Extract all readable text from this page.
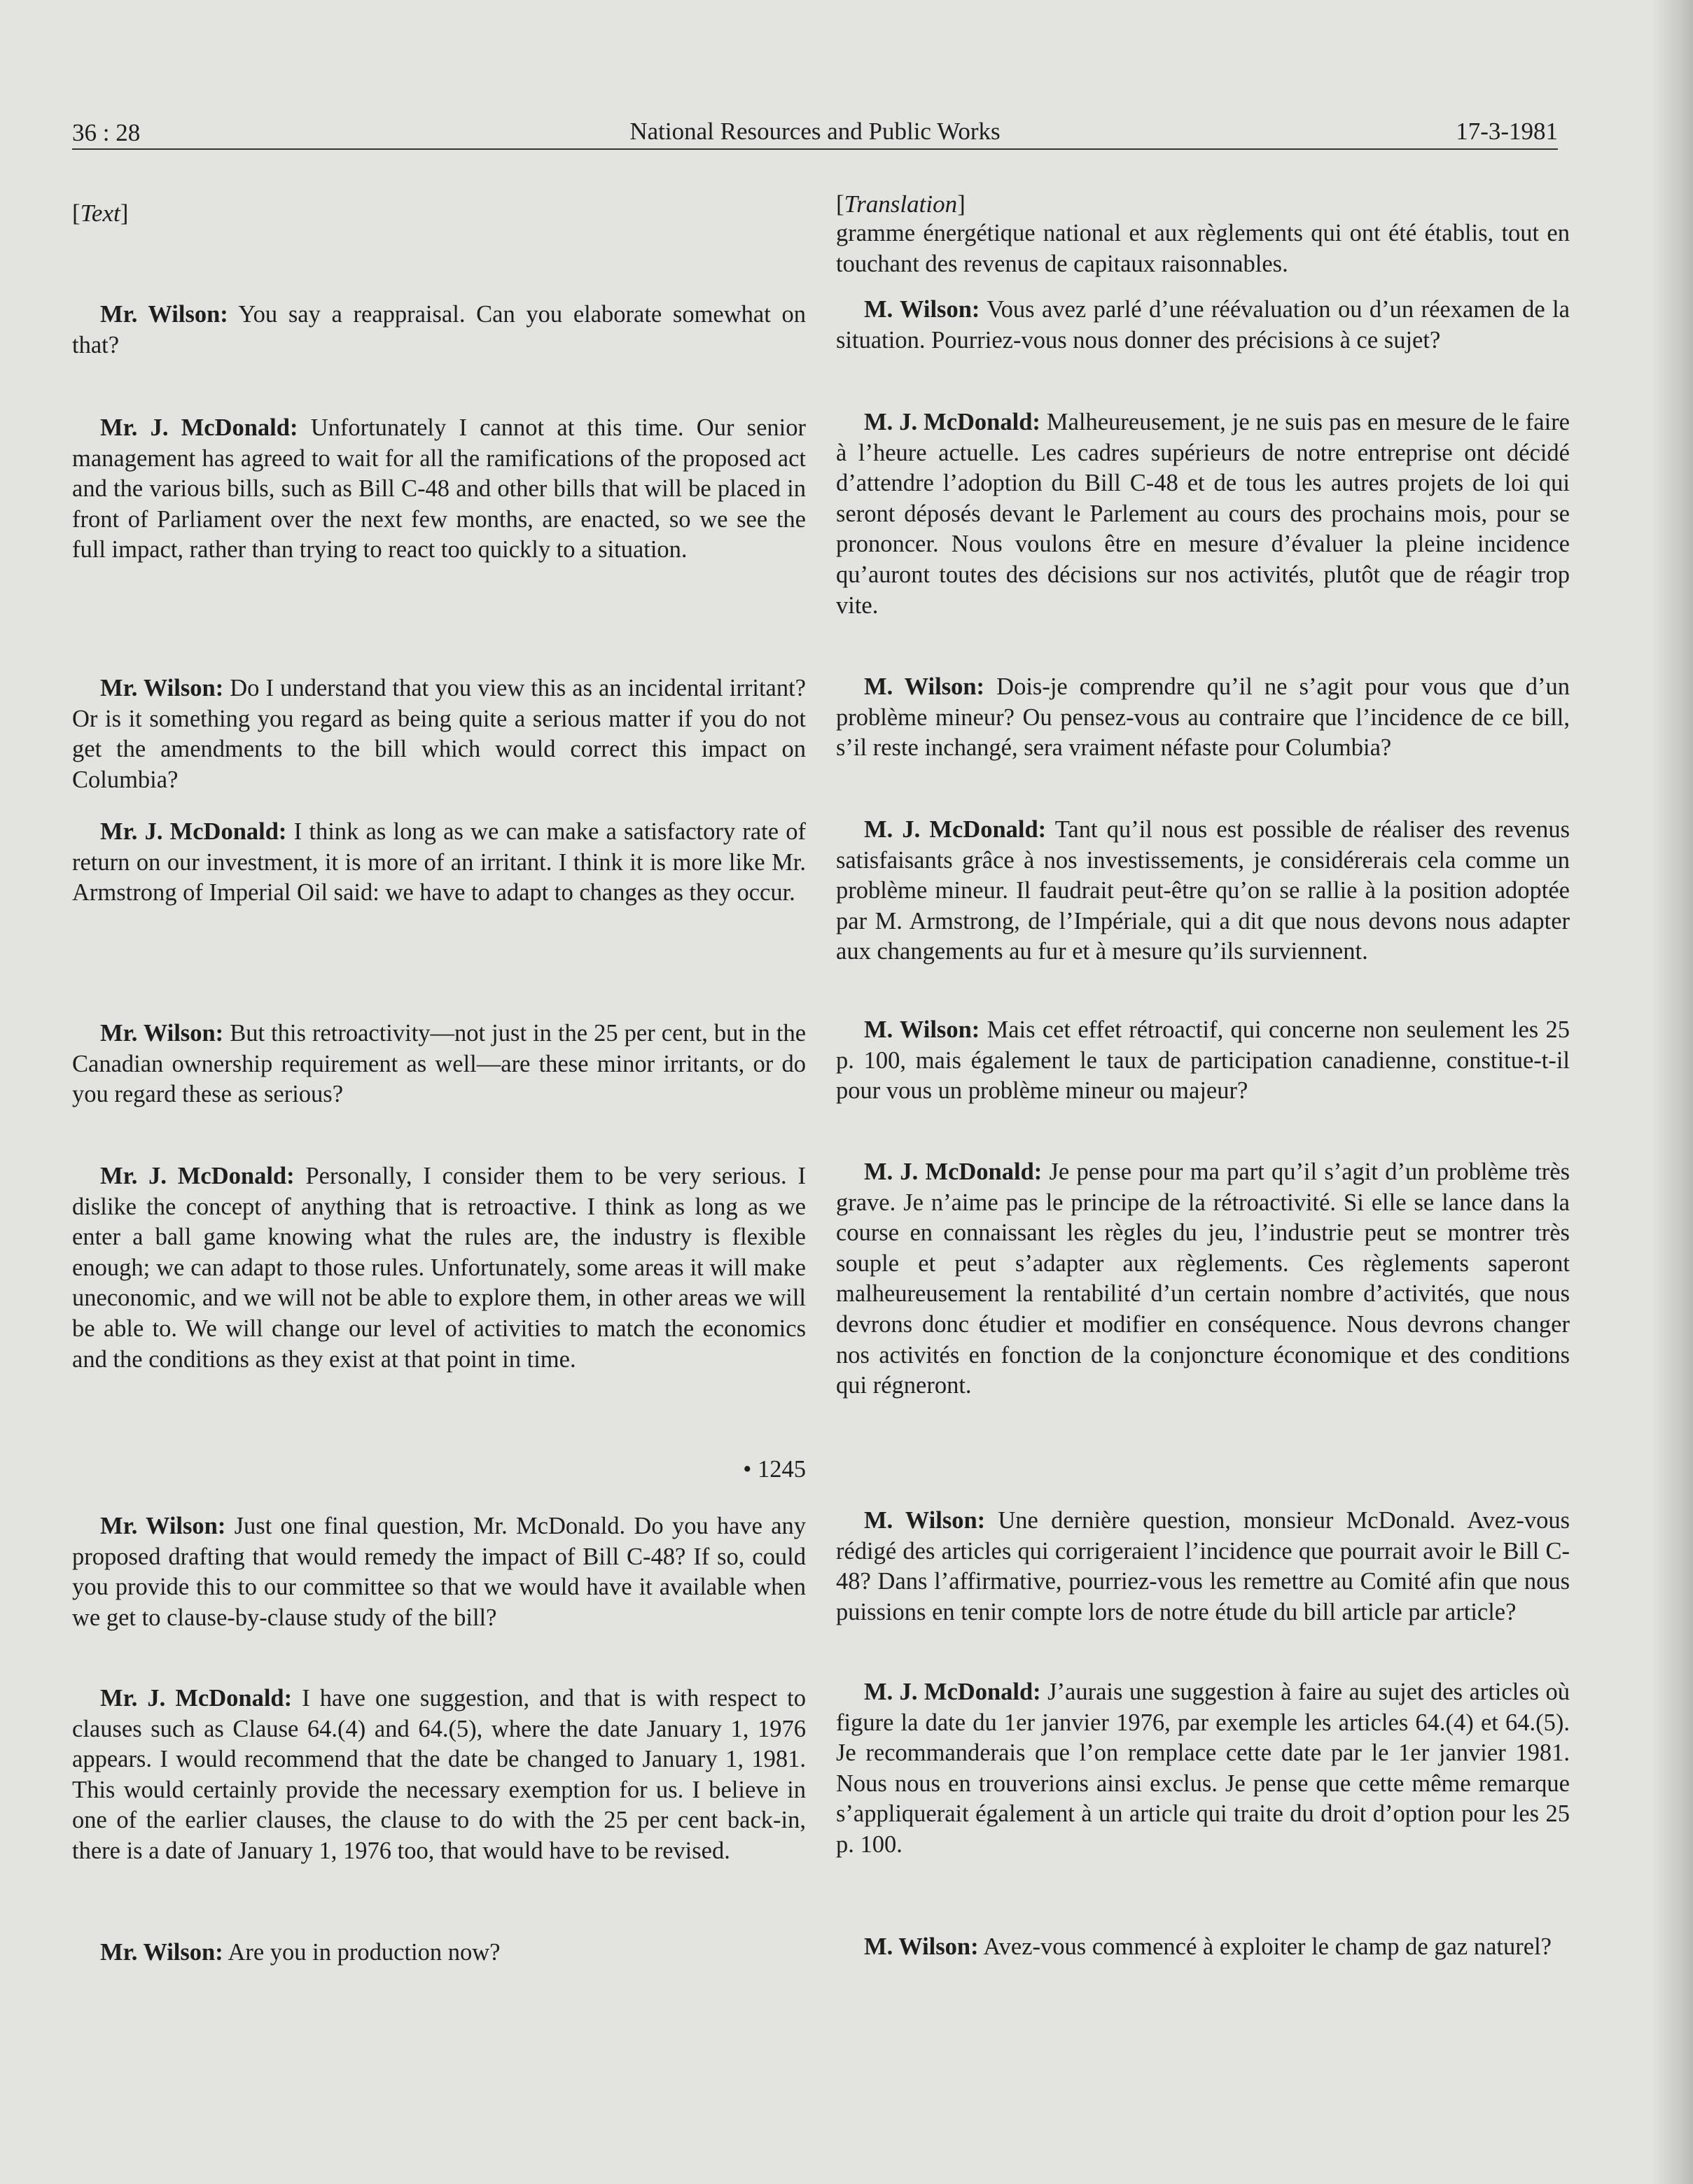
36 : 28	National Resources and Public Works	17-3-1981

[Text]

Mr. Wilson: You say a reappraisal. Can you elaborate somewhat on that?

Mr. J. McDonald: Unfortunately I cannot at this time. Our senior management has agreed to wait for all the ramifications of the proposed act and the various bills, such as Bill C-48 and other bills that will be placed in front of Parliament over the next few months, are enacted, so we see the full impact, rather than trying to react too quickly to a situation.

Mr. Wilson: Do I understand that you view this as an incidental irritant? Or is it something you regard as being quite a serious matter if you do not get the amendments to the bill which would correct this impact on Columbia?

Mr. J. McDonald: I think as long as we can make a satisfactory rate of return on our investment, it is more of an irritant. I think it is more like Mr. Armstrong of Imperial Oil said: we have to adapt to changes as they occur.

Mr. Wilson: But this retroactivity—not just in the 25 per cent, but in the Canadian ownership requirement as well—are these minor irritants, or do you regard these as serious?

Mr. J. McDonald: Personally, I consider them to be very serious. I dislike the concept of anything that is retroactive. I think as long as we enter a ball game knowing what the rules are, the industry is flexible enough; we can adapt to those rules. Unfortunately, some areas it will make uneconomic, and we will not be able to explore them, in other areas we will be able to. We will change our level of activities to match the economics and the conditions as they exist at that point in time.

• 1245

Mr. Wilson: Just one final question, Mr. McDonald. Do you have any proposed drafting that would remedy the impact of Bill C-48? If so, could you provide this to our committee so that we would have it available when we get to clause-by-clause study of the bill?

Mr. J. McDonald: I have one suggestion, and that is with respect to clauses such as Clause 64.(4) and 64.(5), where the date January 1, 1976 appears. I would recommend that the date be changed to January 1, 1981. This would certainly provide the necessary exemption for us. I believe in one of the earlier clauses, the clause to do with the 25 per cent back-in, there is a date of January 1, 1976 too, that would have to be revised.

Mr. Wilson: Are you in production now?

[Translation]

gramme énergétique national et aux règlements qui ont été établis, tout en touchant des revenus de capitaux raisonnables.

M. Wilson: Vous avez parlé d’une réévaluation ou d’un réexamen de la situation. Pourriez-vous nous donner des précisions à ce sujet?

M. J. McDonald: Malheureusement, je ne suis pas en mesure de le faire à l’heure actuelle. Les cadres supérieurs de notre entreprise ont décidé d’attendre l’adoption du Bill C-48 et de tous les autres projets de loi qui seront déposés devant le Parlement au cours des prochains mois, pour se prononcer. Nous voulons être en mesure d’évaluer la pleine incidence qu’auront toutes des décisions sur nos activités, plutôt que de réagir trop vite.

M. Wilson: Dois-je comprendre qu’il ne s’agit pour vous que d’un problème mineur? Ou pensez-vous au contraire que l’incidence de ce bill, s’il reste inchangé, sera vraiment néfaste pour Columbia?

M. J. McDonald: Tant qu’il nous est possible de réaliser des revenus satisfaisants grâce à nos investissements, je considérerais cela comme un problème mineur. Il faudrait peut-être qu’on se rallie à la position adoptée par M. Armstrong, de l’Impériale, qui a dit que nous devons nous adapter aux changements au fur et à mesure qu’ils surviennent.

M. Wilson: Mais cet effet rétroactif, qui concerne non seulement les 25 p. 100, mais également le taux de participation canadienne, constitue-t-il pour vous un problème mineur ou majeur?

M. J. McDonald: Je pense pour ma part qu’il s’agit d’un problème très grave. Je n’aime pas le principe de la rétroactivité. Si elle se lance dans la course en connaissant les règles du jeu, l’industrie peut se montrer très souple et peut s’adapter aux règlements. Ces règlements saperont malheureusement la rentabilité d’un certain nombre d’activités, que nous devrons donc étudier et modifier en conséquence. Nous devrons changer nos activités en fonction de la conjoncture économique et des conditions qui régneront.

M. Wilson: Une dernière question, monsieur McDonald. Avez-vous rédigé des articles qui corrigeraient l’incidence que pourrait avoir le Bill C-48? Dans l’affirmative, pourriez-vous les remettre au Comité afin que nous puissions en tenir compte lors de notre étude du bill article par article?

M. J. McDonald: J’aurais une suggestion à faire au sujet des articles où figure la date du 1er janvier 1976, par exemple les articles 64.(4) et 64.(5). Je recommanderais que l’on remplace cette date par le 1er janvier 1981. Nous nous en trouverions ainsi exclus. Je pense que cette même remarque s’appliquerait également à un article qui traite du droit d’option pour les 25 p. 100.

M. Wilson: Avez-vous commencé à exploiter le champ de gaz naturel?
